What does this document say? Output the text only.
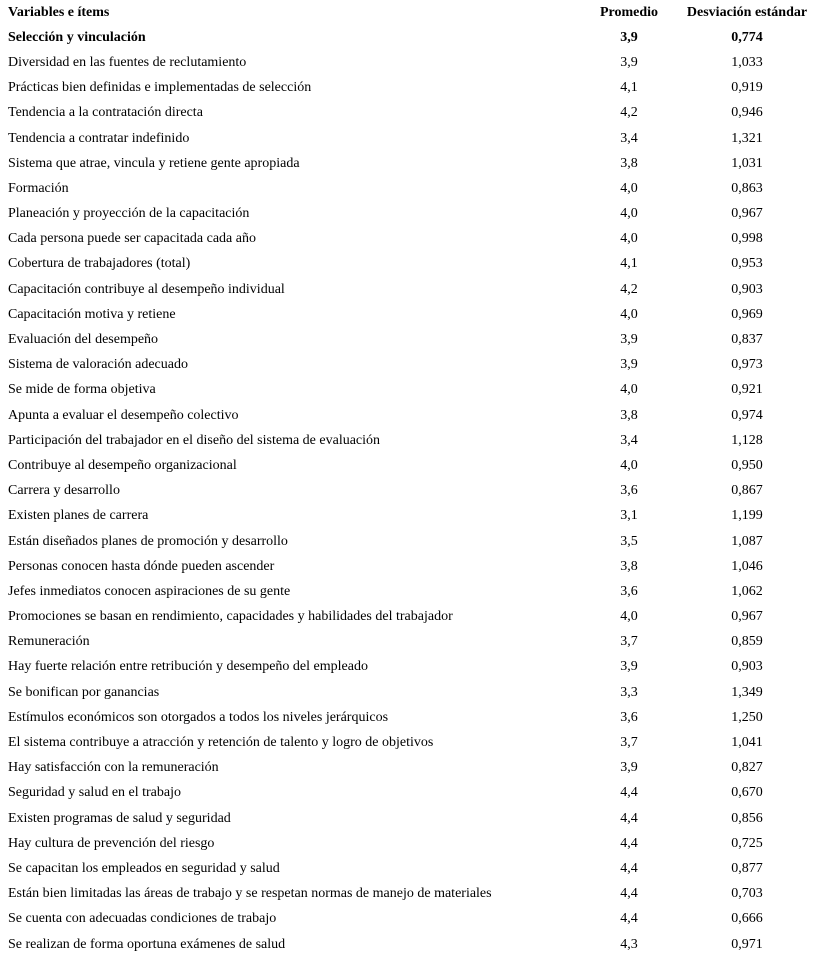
Variables e ítems	Promedio	Desviación estándar
Selección y vinculación	3,9	0,774
Diversidad en las fuentes de reclutamiento	3,9	1,033
Prácticas bien definidas e implementadas de selección	4,1	0,919
Tendencia a la contratación directa	4,2	0,946
Tendencia a contratar indefinido	3,4	1,321
Sistema que atrae, vincula y retiene gente apropiada	3,8	1,031
Formación	4,0	0,863
Planeación y proyección de la capacitación	4,0	0,967
Cada persona puede ser capacitada cada año	4,0	0,998
Cobertura de trabajadores (total)	4,1	0,953
Capacitación contribuye al desempeño individual	4,2	0,903
Capacitación motiva y retiene	4,0	0,969
Evaluación del desempeño	3,9	0,837
Sistema de valoración adecuado	3,9	0,973
Se mide de forma objetiva	4,0	0,921
Apunta a evaluar el desempeño colectivo	3,8	0,974
Participación del trabajador en el diseño del sistema de evaluación	3,4	1,128
Contribuye al desempeño organizacional	4,0	0,950
Carrera y desarrollo	3,6	0,867
Existen planes de carrera	3,1	1,199
Están diseñados planes de promoción y desarrollo	3,5	1,087
Personas conocen hasta dónde pueden ascender	3,8	1,046
Jefes inmediatos conocen aspiraciones de su gente	3,6	1,062
Promociones se basan en rendimiento, capacidades y habilidades del trabajador	4,0	0,967
Remuneración	3,7	0,859
Hay fuerte relación entre retribución y desempeño del empleado	3,9	0,903
Se bonifican por ganancias	3,3	1,349
Estímulos económicos son otorgados a todos los niveles jerárquicos	3,6	1,250
El sistema contribuye a atracción y retención de talento y logro de objetivos	3,7	1,041
Hay satisfacción con la remuneración	3,9	0,827
Seguridad y salud en el trabajo	4,4	0,670
Existen programas de salud y seguridad	4,4	0,856
Hay cultura de prevención del riesgo	4,4	0,725
Se capacitan los empleados en seguridad y salud	4,4	0,877
Están bien limitadas las áreas de trabajo y se respetan normas de manejo de materiales	4,4	0,703
Se cuenta con adecuadas condiciones de trabajo	4,4	0,666
Se realizan de forma oportuna exámenes de salud	4,3	0,971
